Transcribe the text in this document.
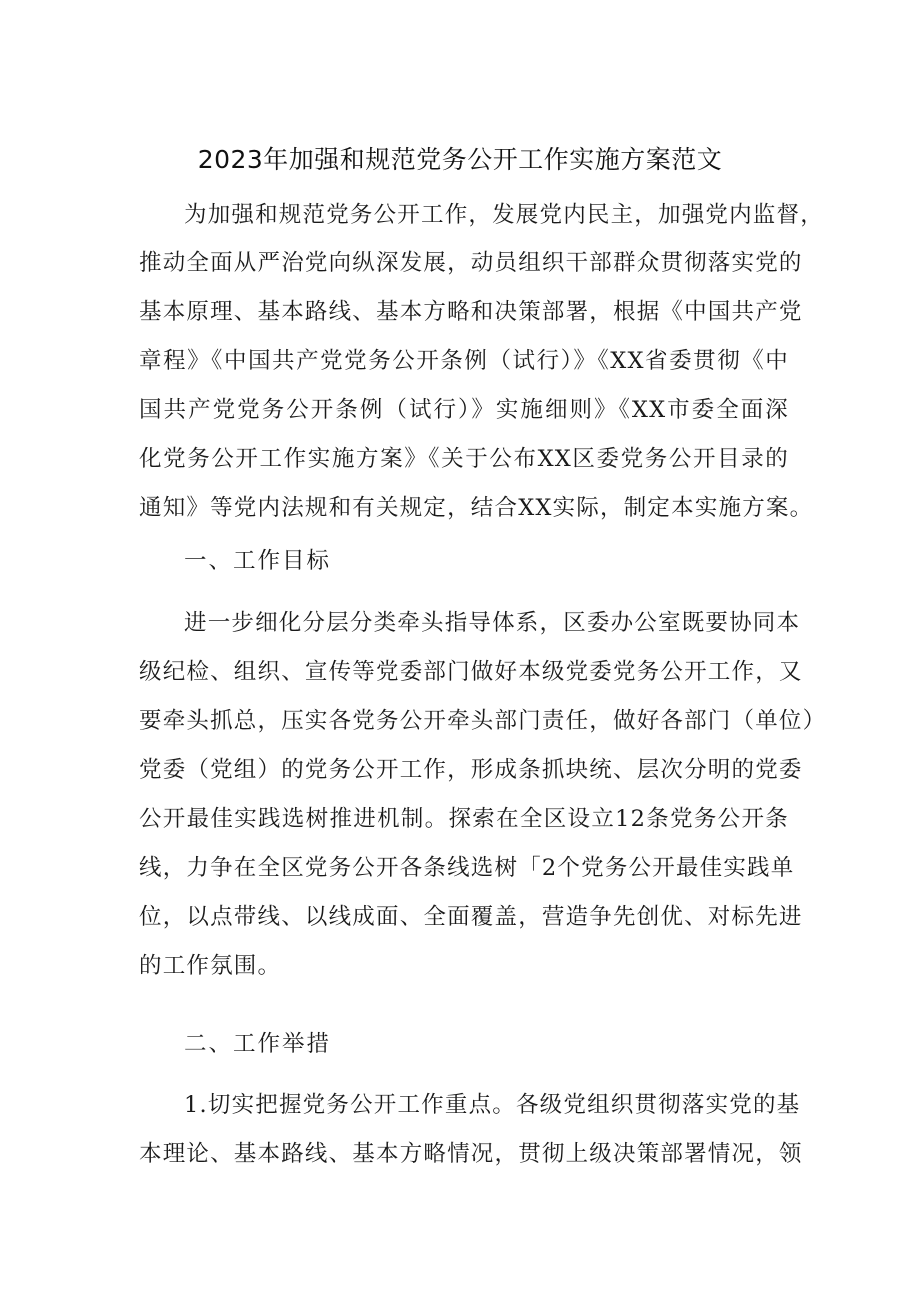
2023年加强和规范党务公开工作实施方案范文
为加强和规范党务公开工作，发展党内民主，加强党内监督，
推动全面从严治党向纵深发展，动员组织干部群众贯彻落实党的
基本原理、基本路线、基本方略和决策部署，根据《中国共产党
章程》《中国共产党党务公开条例（试行）》《XX省委贯彻《中
国共产党党务公开条例（试行）》实施细则》《XX市委全面深
化党务公开工作实施方案》《关于公布XX区委党务公开目录的
通知》等党内法规和有关规定，结合XX实际，制定本实施方案。
一、工作目标
进一步细化分层分类牵头指导体系，区委办公室既要协同本
级纪检、组织、宣传等党委部门做好本级党委党务公开工作，又
要牵头抓总，压实各党务公开牵头部门责任，做好各部门（单位）
党委（党组）的党务公开工作，形成条抓块统、层次分明的党委
公开最佳实践选树推进机制。探索在全区设立12条党务公开条
线，力争在全区党务公开各条线选树「2个党务公开最佳实践单
位，以点带线、以线成面、全面覆盖，营造争先创优、对标先进
的工作氛围。
二、工作举措
1.切实把握党务公开工作重点。各级党组织贯彻落实党的基
本理论、基本路线、基本方略情况，贯彻上级决策部署情况，领
